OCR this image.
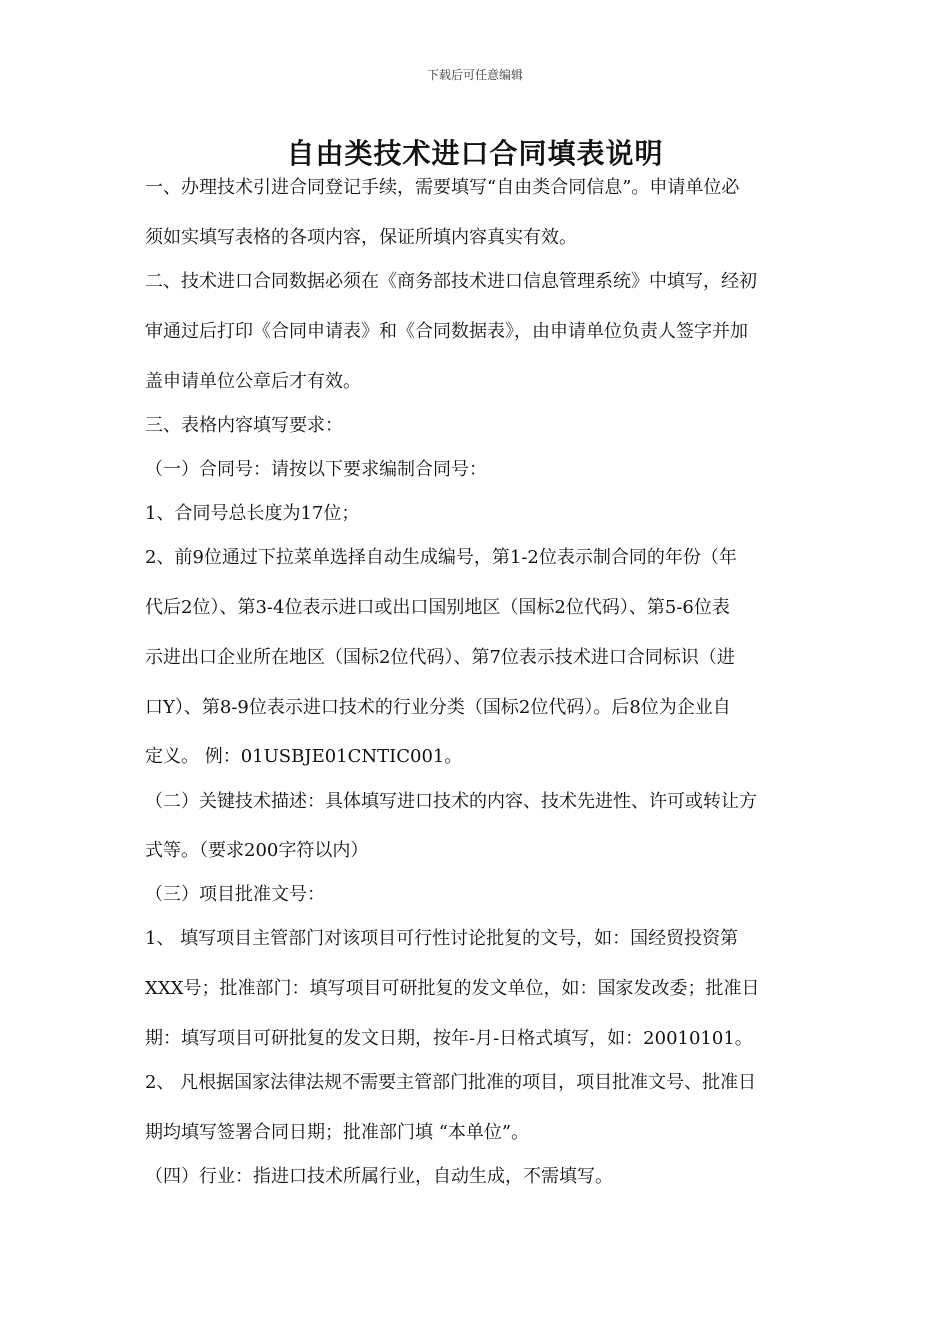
下载后可任意编辑
自由类技术进口合同填表说明
一、办理技术引进合同登记手续，需要填写“自由类合同信息”。申请单位必
须如实填写表格的各项内容，保证所填内容真实有效。
二、技术进口合同数据必须在《商务部技术进口信息管理系统》中填写，经初
审通过后打印《合同申请表》和《合同数据表》，由申请单位负责人签字并加
盖申请单位公章后才有效。
三、表格内容填写要求：
（一）合同号：请按以下要求编制合同号：
1、合同号总长度为17位；
2、前9位通过下拉菜单选择自动生成编号，第1-2位表示制合同的年份（年
代后2位）、第3-4位表示进口或出口国别地区（国标2位代码）、第5-6位表
示进出口企业所在地区（国标2位代码）、第7位表示技术进口合同标识（进
口Y）、第8-9位表示进口技术的行业分类（国标2位代码）。后8位为企业自
定义。 例：01USBJE01CNTIC001。
（二）关键技术描述：具体填写进口技术的内容、技术先进性、许可或转让方
式等。（要求200字符以内）
（三）项目批准文号：
1、 填写项目主管部门对该项目可行性讨论批复的文号，如：国经贸投资第
XXX号；批准部门：填写项目可研批复的发文单位，如：国家发改委；批准日
期：填写项目可研批复的发文日期，按年-月-日格式填写，如：20010101。
2、 凡根据国家法律法规不需要主管部门批准的项目，项目批准文号、批准日
期均填写签署合同日期；批准部门填 “本单位”。
（四）行业：指进口技术所属行业，自动生成，不需填写。
